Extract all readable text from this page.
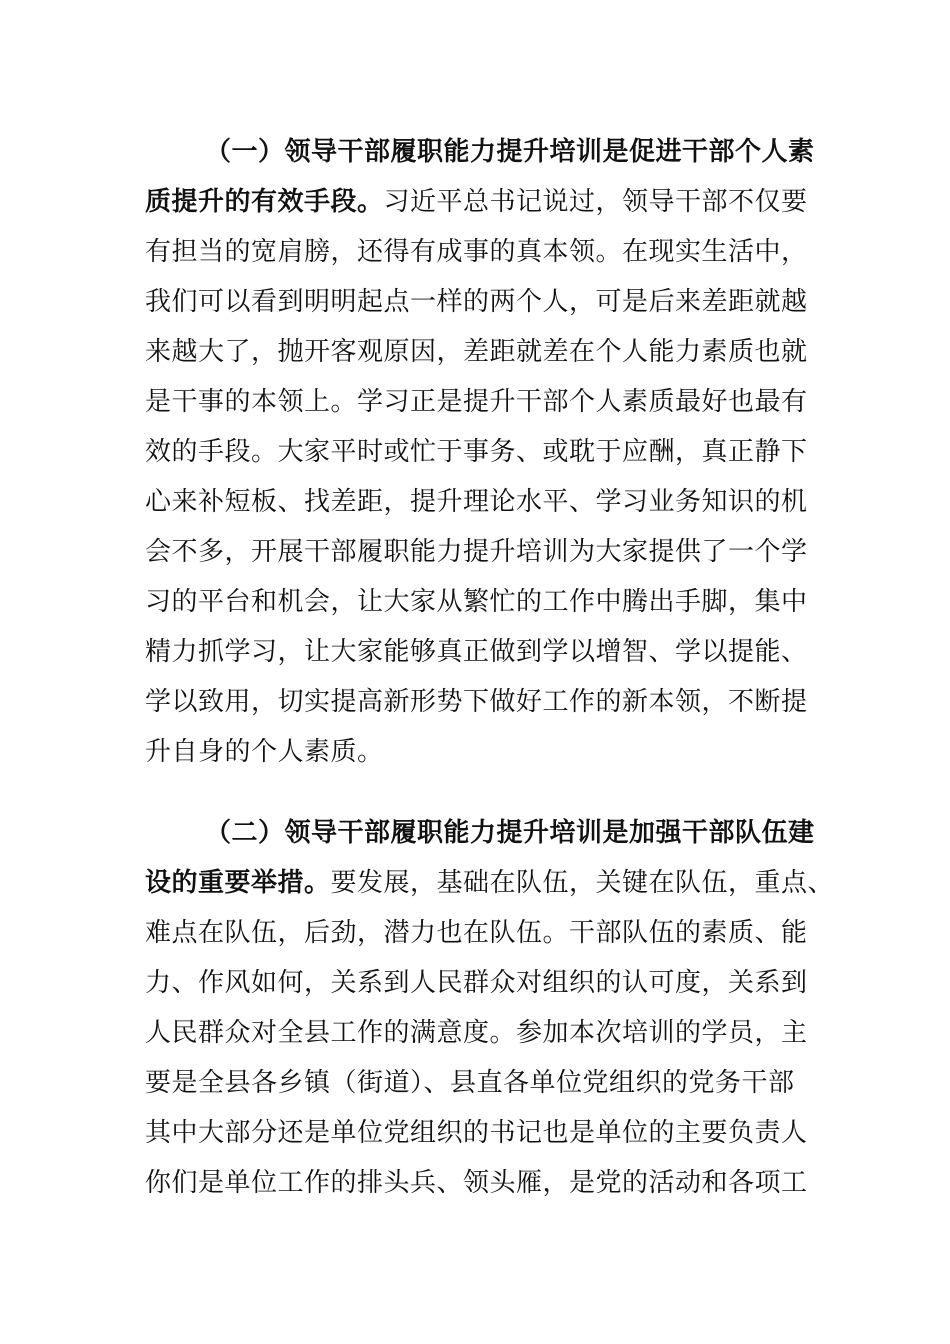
（一）领导干部履职能力提升培训是促进干部个人素
质提升的有效手段。习近平总书记说过，领导干部不仅要
有担当的宽肩膀，还得有成事的真本领。在现实生活中，
我们可以看到明明起点一样的两个人，可是后来差距就越
来越大了，抛开客观原因，差距就差在个人能力素质也就
是干事的本领上。学习正是提升干部个人素质最好也最有
效的手段。大家平时或忙于事务、或耽于应酬，真正静下
心来补短板、找差距，提升理论水平、学习业务知识的机
会不多，开展干部履职能力提升培训为大家提供了一个学
习的平台和机会，让大家从繁忙的工作中腾出手脚，集中
精力抓学习，让大家能够真正做到学以增智、学以提能、
学以致用，切实提高新形势下做好工作的新本领，不断提
升自身的个人素质。
（二）领导干部履职能力提升培训是加强干部队伍建
设的重要举措。要发展，基础在队伍，关键在队伍，重点、
难点在队伍，后劲，潜力也在队伍。干部队伍的素质、能
力、作风如何，关系到人民群众对组织的认可度，关系到
人民群众对全县工作的满意度。参加本次培训的学员，主
要是全县各乡镇（街道）、县直各单位党组织的党务干部
其中大部分还是单位党组织的书记也是单位的主要负责人
你们是单位工作的排头兵、领头雁，是党的活动和各项工
